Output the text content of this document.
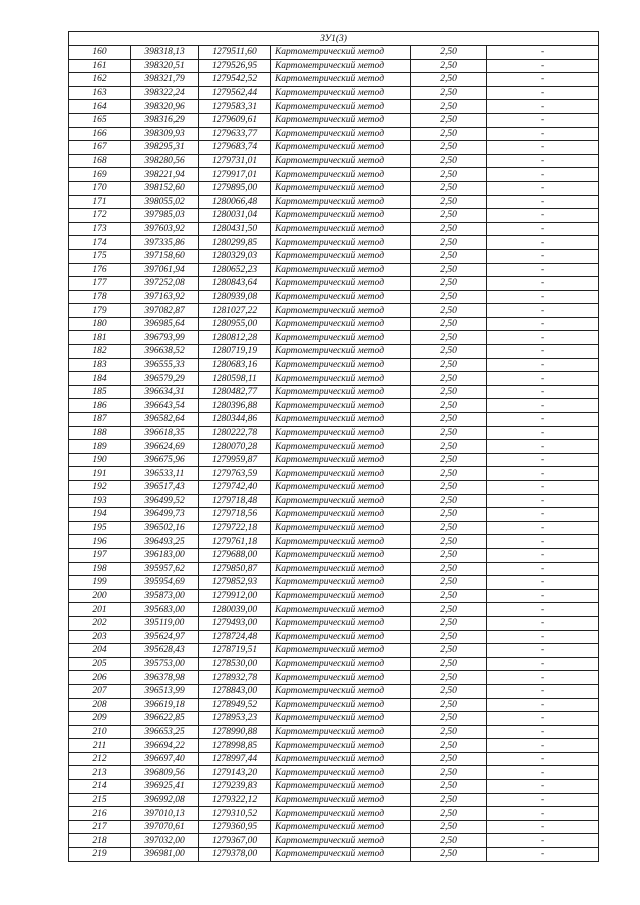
ЗУ1(3)					
160	398318,13	1279511,60	Картометрический метод	2,50	-
161	398320,51	1279526,95	Картометрический метод	2,50	-
162	398321,79	1279542,52	Картометрический метод	2,50	-
163	398322,24	1279562,44	Картометрический метод	2,50	-
164	398320,96	1279583,31	Картометрический метод	2,50	-
165	398316,29	1279609,61	Картометрический метод	2,50	-
166	398309,93	1279633,77	Картометрический метод	2,50	-
167	398295,31	1279683,74	Картометрический метод	2,50	-
168	398280,56	1279731,01	Картометрический метод	2,50	-
169	398221,94	1279917,01	Картометрический метод	2,50	-
170	398152,60	1279895,00	Картометрический метод	2,50	-
171	398055,02	1280066,48	Картометрический метод	2,50	-
172	397985,03	1280031,04	Картометрический метод	2,50	-
173	397603,92	1280431,50	Картометрический метод	2,50	-
174	397335,86	1280299,85	Картометрический метод	2,50	-
175	397158,60	1280329,03	Картометрический метод	2,50	-
176	397061,94	1280652,23	Картометрический метод	2,50	-
177	397252,08	1280843,64	Картометрический метод	2,50	-
178	397163,92	1280939,08	Картометрический метод	2,50	-
179	397082,87	1281027,22	Картометрический метод	2,50	-
180	396985,64	1280955,00	Картометрический метод	2,50	-
181	396793,99	1280812,28	Картометрический метод	2,50	-
182	396638,52	1280719,19	Картометрический метод	2,50	-
183	396555,33	1280683,16	Картометрический метод	2,50	-
184	396579,29	1280598,11	Картометрический метод	2,50	-
185	396634,31	1280482,77	Картометрический метод	2,50	-
186	396643,54	1280396,88	Картометрический метод	2,50	-
187	396582,64	1280344,86	Картометрический метод	2,50	-
188	396618,35	1280222,78	Картометрический метод	2,50	-
189	396624,69	1280070,28	Картометрический метод	2,50	-
190	396675,96	1279959,87	Картометрический метод	2,50	-
191	396533,11	1279763,59	Картометрический метод	2,50	-
192	396517,43	1279742,40	Картометрический метод	2,50	-
193	396499,52	1279718,48	Картометрический метод	2,50	-
194	396499,73	1279718,56	Картометрический метод	2,50	-
195	396502,16	1279722,18	Картометрический метод	2,50	-
196	396493,25	1279761,18	Картометрический метод	2,50	-
197	396183,00	1279688,00	Картометрический метод	2,50	-
198	395957,62	1279850,87	Картометрический метод	2,50	-
199	395954,69	1279852,93	Картометрический метод	2,50	-
200	395873,00	1279912,00	Картометрический метод	2,50	-
201	395683,00	1280039,00	Картометрический метод	2,50	-
202	395119,00	1279493,00	Картометрический метод	2,50	-
203	395624,97	1278724,48	Картометрический метод	2,50	-
204	395628,43	1278719,51	Картометрический метод	2,50	-
205	395753,00	1278530,00	Картометрический метод	2,50	-
206	396378,98	1278932,78	Картометрический метод	2,50	-
207	396513,99	1278843,00	Картометрический метод	2,50	-
208	396619,18	1278949,52	Картометрический метод	2,50	-
209	396622,85	1278953,23	Картометрический метод	2,50	-
210	396653,25	1278990,88	Картометрический метод	2,50	-
211	396694,22	1278998,85	Картометрический метод	2,50	-
212	396697,40	1278997,44	Картометрический метод	2,50	-
213	396809,56	1279143,20	Картометрический метод	2,50	-
214	396925,41	1279239,83	Картометрический метод	2,50	-
215	396992,08	1279322,12	Картометрический метод	2,50	-
216	397010,13	1279310,52	Картометрический метод	2,50	-
217	397070,61	1279360,95	Картометрический метод	2,50	-
218	397032,00	1279367,00	Картометрический метод	2,50	-
219	396981,00	1279378,00	Картометрический метод	2,50	-
